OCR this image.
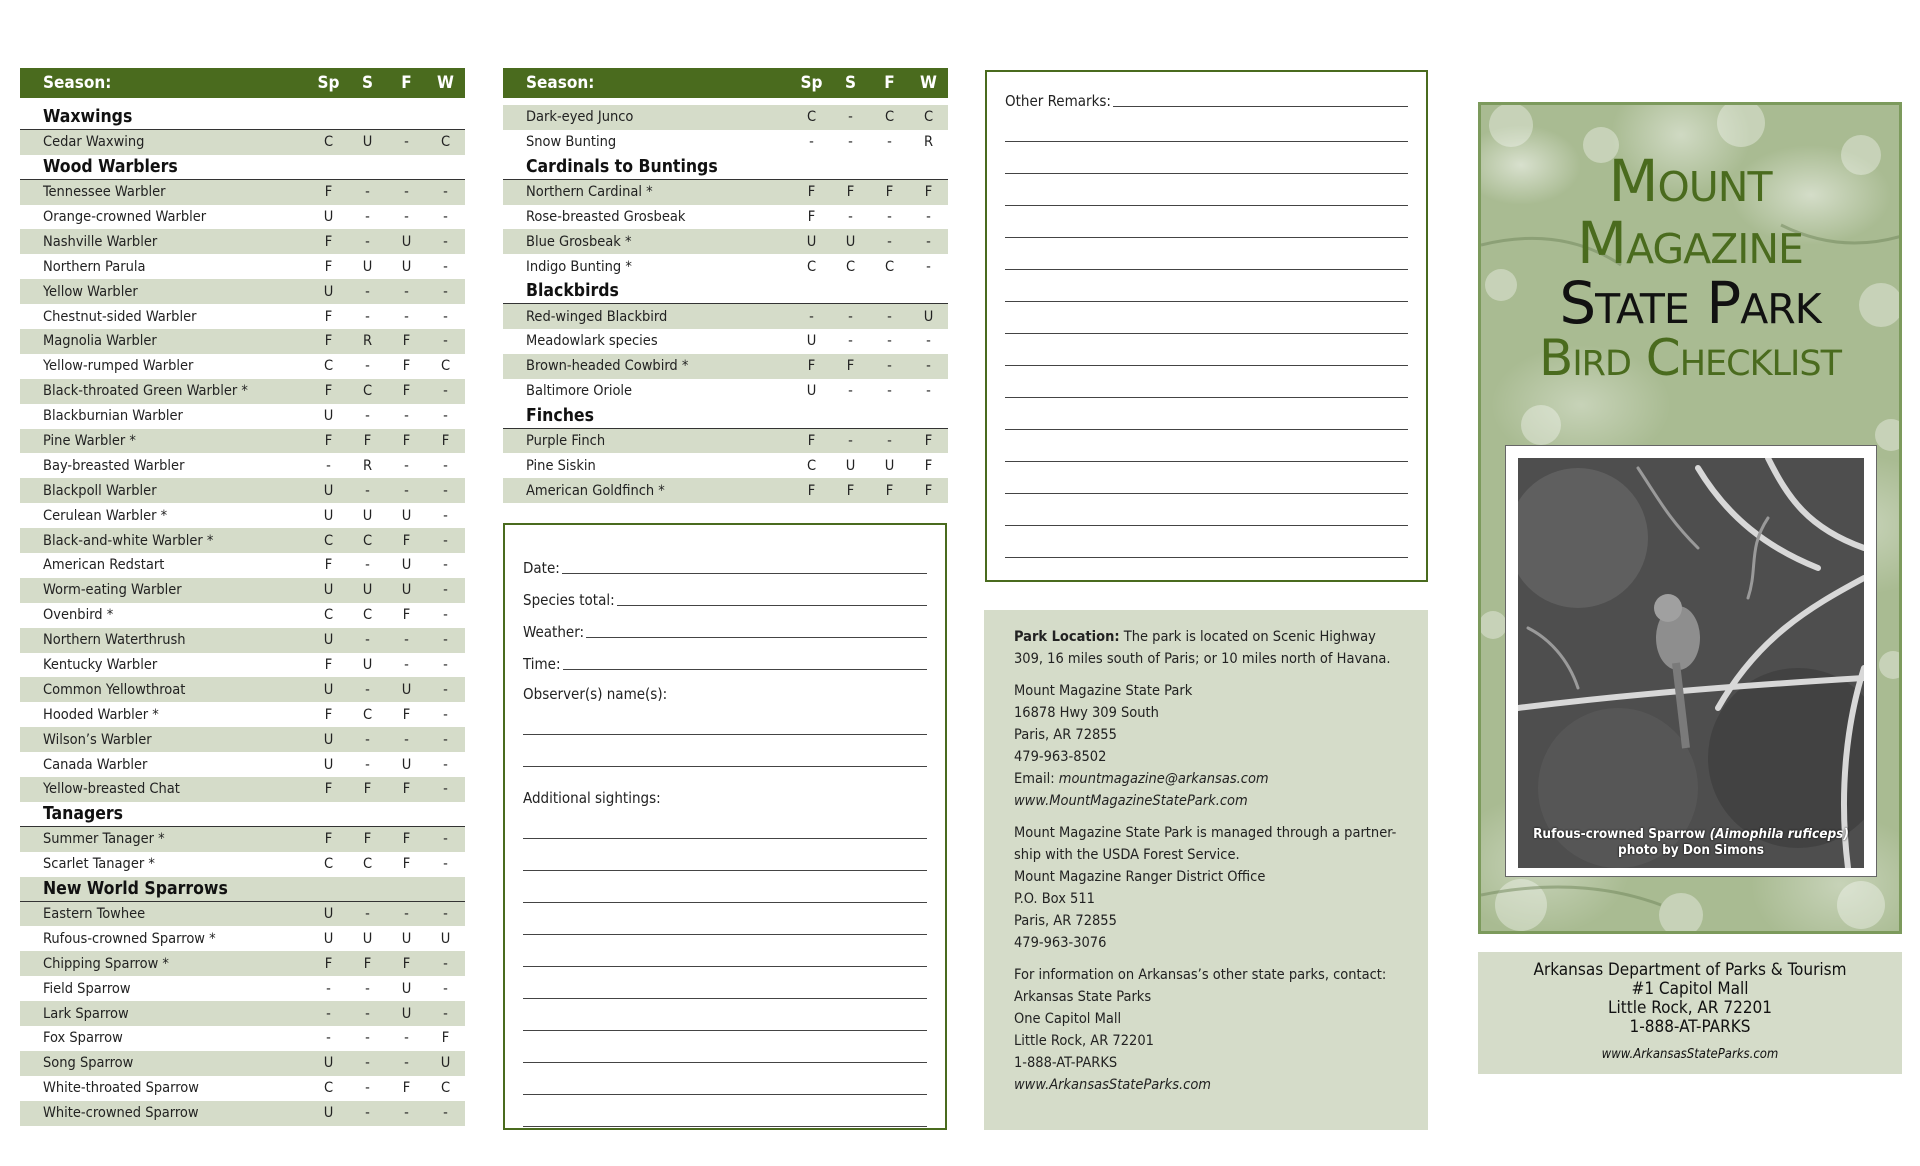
Season:	Sp	S	F	W
Waxwings
Cedar Waxwing	C	U	-	C
Wood Warblers
Tennessee Warbler	F	-	-	-
Orange-crowned Warbler	U	-	-	-
Nashville Warbler	F	-	U	-
Northern Parula	F	U	U	-
Yellow Warbler	U	-	-	-
Chestnut-sided Warbler	F	-	-	-
Magnolia Warbler	F	R	F	-
Yellow-rumped Warbler	C	-	F	C
Black-throated Green Warbler *	F	C	F	-
Blackburnian Warbler	U	-	-	-
Pine Warbler *	F	F	F	F
Bay-breasted Warbler	-	R	-	-
Blackpoll Warbler	U	-	-	-
Cerulean Warbler *	U	U	U	-
Black-and-white Warbler *	C	C	F	-
American Redstart	F	-	U	-
Worm-eating Warbler	U	U	U	-
Ovenbird *	C	C	F	-
Northern Waterthrush	U	-	-	-
Kentucky Warbler	F	U	-	-
Common Yellowthroat	U	-	U	-
Hooded Warbler *	F	C	F	-
Wilson’s Warbler	U	-	-	-
Canada Warbler	U	-	U	-
Yellow-breasted Chat	F	F	F	-
Tanagers
Summer Tanager *	F	F	F	-
Scarlet Tanager *	C	C	F	-
New World Sparrows
Eastern Towhee	U	-	-	-
Rufous-crowned Sparrow *	U	U	U	U
Chipping Sparrow *	F	F	F	-
Field Sparrow	-	-	U	-
Lark Sparrow	-	-	U	-
Fox Sparrow	-	-	-	F
Song Sparrow	U	-	-	U
White-throated Sparrow	C	-	F	C
White-crowned Sparrow	U	-	-	-
Season:	Sp	S	F	W
Dark-eyed Junco	C	-	C	C
Snow Bunting	-	-	-	R
Cardinals to Buntings
Northern Cardinal *	F	F	F	F
Rose-breasted Grosbeak	F	-	-	-
Blue Grosbeak *	U	U	-	-
Indigo Bunting *	C	C	C	-
Blackbirds
Red-winged Blackbird	-	-	-	U
Meadowlark species	U	-	-	-
Brown-headed Cowbird *	F	F	-	-
Baltimore Oriole	U	-	-	-
Finches
Purple Finch	F	-	-	F
Pine Siskin	C	U	U	F
American Goldfinch *	F	F	F	F
Date:
Species total:
Weather:
Time:
Observer(s) name(s):
Additional sightings:
Other Remarks:

Park Location: The park is located on Scenic Highway 309, 16 miles south of Paris; or 10 miles north of Havana.

Mount Magazine State Park
16878 Hwy 309 South
Paris, AR 72855
479-963-8502
Email: mountmagazine@arkansas.com
www.MountMagazineStatePark.com

Mount Magazine State Park is managed through a partner-ship with the USDA Forest Service.
Mount Magazine Ranger District Office
P.O. Box 511
Paris, AR 72855
479-963-3076

For information on Arkansas’s other state parks, contact:
Arkansas State Parks
One Capitol Mall
Little Rock, AR 72201
1-888-AT-PARKS
www.ArkansasStateParks.com

Mount
Magazine
State Park
Bird Checklist
Rufous-crowned Sparrow (Aimophila ruficeps)
photo by Don Simons
Arkansas Department of Parks & Tourism
#1 Capitol Mall
Little Rock, AR 72201
1-888-AT-PARKS
www.ArkansasStateParks.com
